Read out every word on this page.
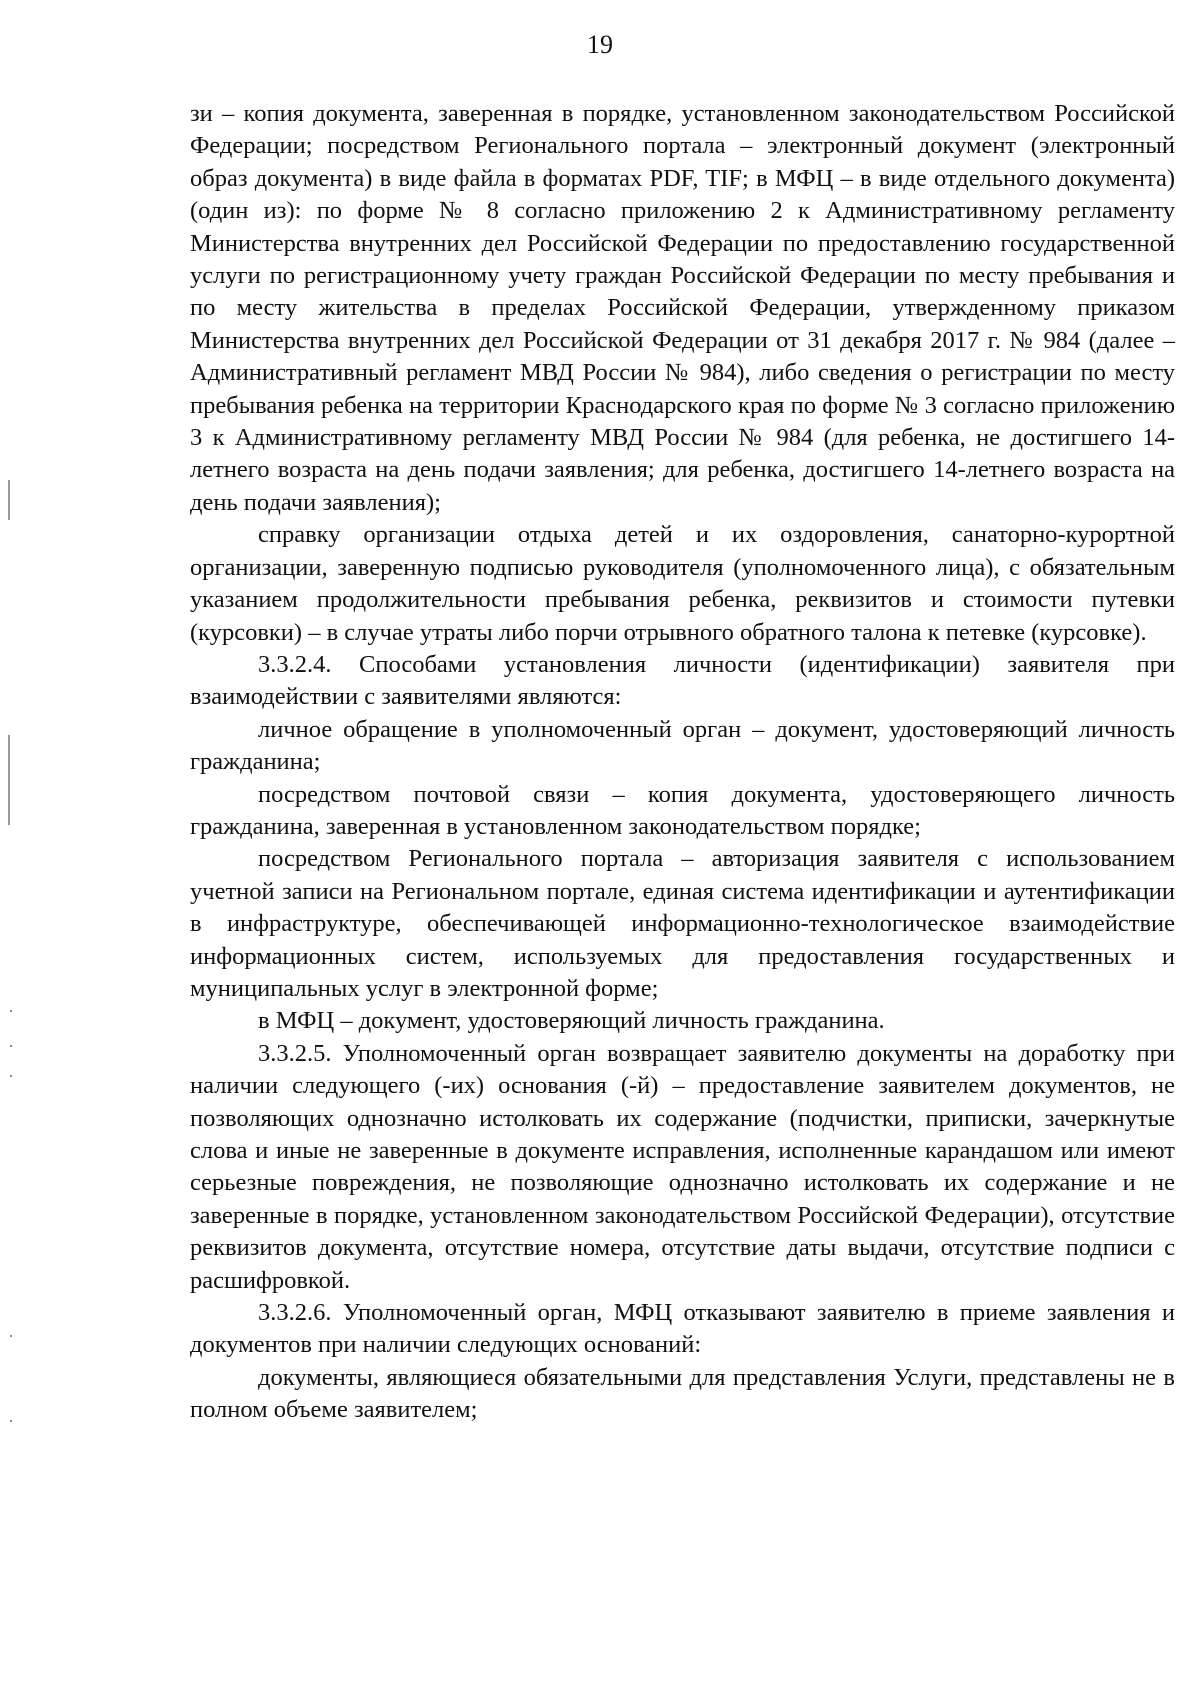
19

зи – копия документа, заверенная в порядке, установленном законодательством Российской Федерации; посредством Регионального портала – электронный документ (электронный образ документа) в виде файла в форматах PDF, TIF; в МФЦ – в виде отдельного документа) (один из): по форме № 8 согласно приложению 2 к Административному регламенту Министерства внутренних дел Российской Федерации по предоставлению государственной услуги по регистрационному учету граждан Российской Федерации по месту пребывания и по месту жительства в пределах Российской Федерации, утвержденному приказом Министерства внутренних дел Российской Федерации от 31 декабря 2017 г. № 984 (далее – Административный регламент МВД России № 984), либо сведения о регистрации по месту пребывания ребенка на территории Краснодарского края по форме № 3 согласно приложению 3 к Административному регламенту МВД России № 984 (для ребенка, не достигшего 14-летнего возраста на день подачи заявления; для ребенка, достигшего 14-летнего возраста на день подачи заявления);

справку организации отдыха детей и их оздоровления, санаторно-курортной организации, заверенную подписью руководителя (уполномоченного лица), с обязательным указанием продолжительности пребывания ребенка, реквизитов и стоимости путевки (курсовки) – в случае утраты либо порчи отрывного обратного талона к петевке (курсовке).

3.3.2.4. Способами установления личности (идентификации) заявителя при взаимодействии с заявителями являются:

личное обращение в уполномоченный орган – документ, удостоверяющий личность гражданина;

посредством почтовой связи – копия документа, удостоверяющего личность гражданина, заверенная в установленном законодательством порядке;

посредством Регионального портала – авторизация заявителя с использованием учетной записи на Региональном портале, единая система идентификации и аутентификации в инфраструктуре, обеспечивающей информационно-технологическое взаимодействие информационных систем, используемых для предоставления государственных и муниципальных услуг в электронной форме;

в МФЦ – документ, удостоверяющий личность гражданина.

3.3.2.5. Уполномоченный орган возвращает заявителю документы на доработку при наличии следующего (-их) основания (-й) – предоставление заявителем документов, не позволяющих однозначно истолковать их содержание (подчистки, приписки, зачеркнутые слова и иные не заверенные в документе исправления, исполненные карандашом или имеют серьезные повреждения, не позволяющие однозначно истолковать их содержание и не заверенные в порядке, установленном законодательством Российской Федерации), отсутствие реквизитов документа, отсутствие номера, отсутствие даты выдачи, отсутствие подписи с расшифровкой.

3.3.2.6. Уполномоченный орган, МФЦ отказывают заявителю в приеме заявления и документов при наличии следующих оснований:

документы, являющиеся обязательными для представления Услуги, представлены не в полном объеме заявителем;
